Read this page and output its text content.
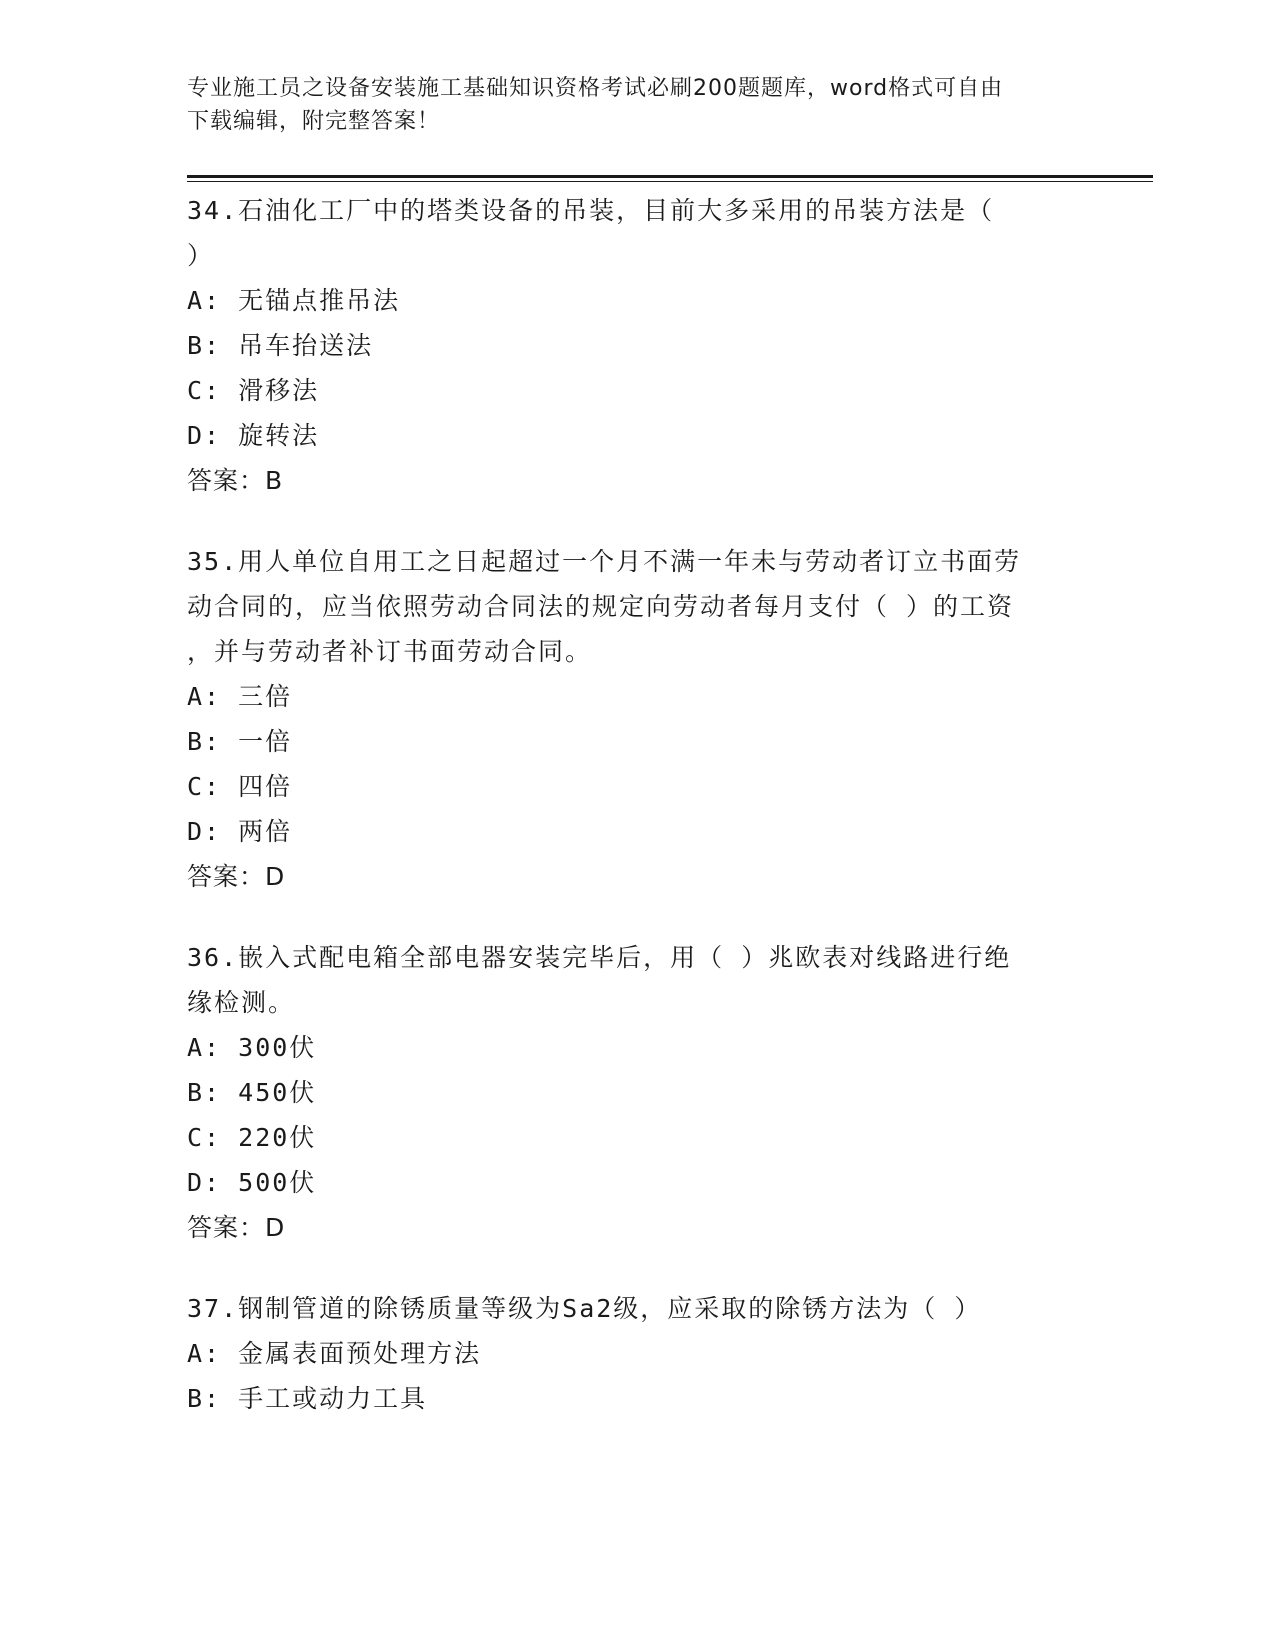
专业施工员之设备安装施工基础知识资格考试必刷200题题库，word格式可自由
下载编辑，附完整答案！
34.石油化工厂中的塔类设备的吊装，目前大多采用的吊装方法是（
）
A: 无锚点推吊法
B: 吊车抬送法
C: 滑移法
D: 旋转法
答案：B
35.用人单位自用工之日起超过一个月不满一年未与劳动者订立书面劳
动合同的，应当依照劳动合同法的规定向劳动者每月支付（ ）的工资
，并与劳动者补订书面劳动合同。
A: 三倍
B: 一倍
C: 四倍
D: 两倍
答案：D
36.嵌入式配电箱全部电器安装完毕后，用（ ）兆欧表对线路进行绝
缘检测。
A: 300伏
B: 450伏
C: 220伏
D: 500伏
答案：D
37.钢制管道的除锈质量等级为Sa2级，应采取的除锈方法为（ ）
A: 金属表面预处理方法
B: 手工或动力工具
